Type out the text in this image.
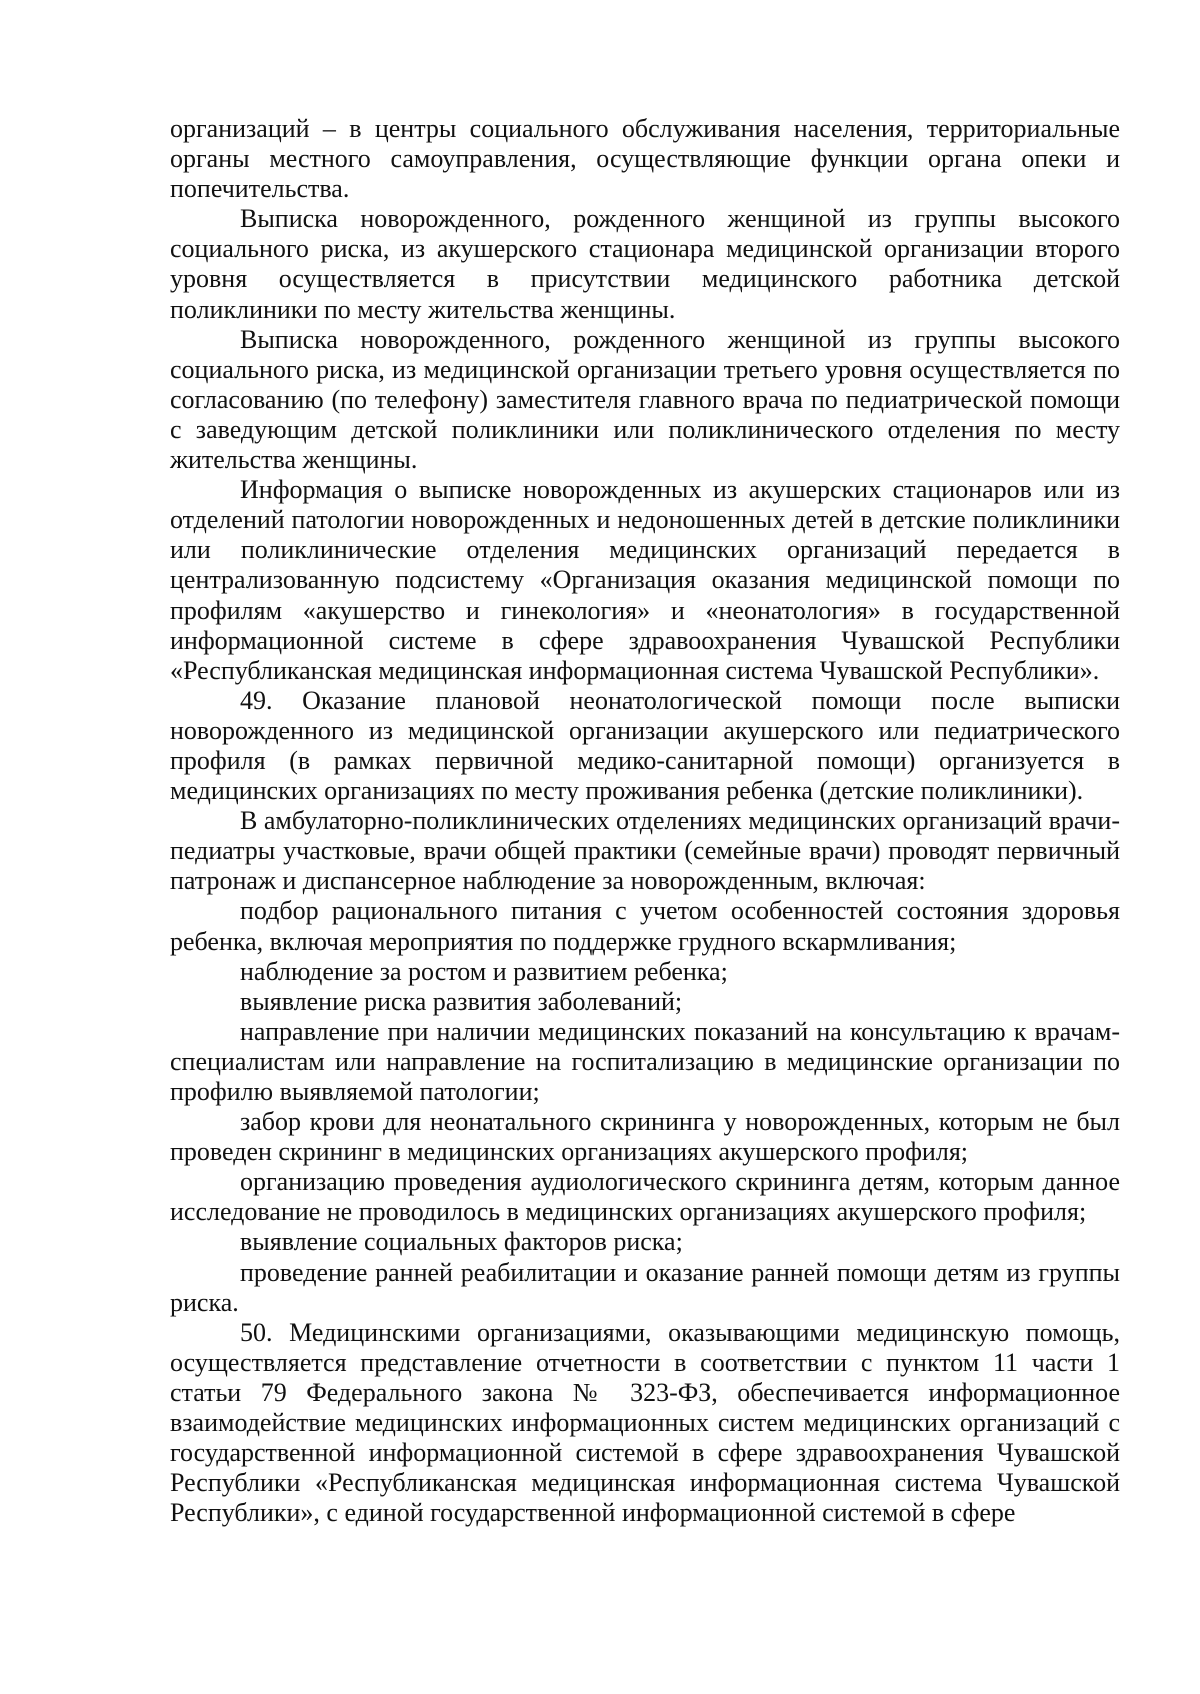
организаций – в центры социального обслуживания населения, территориальные органы местного самоуправления, осуществляющие функции органа опеки и попечительства.

Выписка новорожденного, рожденного женщиной из группы высокого социального риска, из акушерского стационара медицинской организации второго уровня осуществляется в присутствии медицинского работника детской поликлиники по месту жительства женщины.

Выписка новорожденного, рожденного женщиной из группы высокого социального риска, из медицинской организации третьего уровня осуществляется по согласованию (по телефону) заместителя главного врача по педиатрической помощи с заведующим детской поликлиники или поликлинического отделения по месту жительства женщины.

Информация о выписке новорожденных из акушерских стационаров или из отделений патологии новорожденных и недоношенных детей в детские поликлиники или поликлинические отделения медицинских организаций передается в централизованную подсистему «Организация оказания медицинской помощи по профилям «акушерство и гинекология» и «неонатология» в государственной информационной системе в сфере здравоохранения Чувашской Республики «Республиканская медицинская информационная система Чувашской Республики».

49. Оказание плановой неонатологической помощи после выписки новорожденного из медицинской организации акушерского или педиатрического профиля (в рамках первичной медико-санитарной помощи) организуется в медицинских организациях по месту проживания ребенка (детские поликлиники).

В амбулаторно-поликлинических отделениях медицинских организаций врачи-педиатры участковые, врачи общей практики (семейные врачи) проводят первичный патронаж и диспансерное наблюдение за новорожденным, включая:

подбор рационального питания с учетом особенностей состояния здоровья ребенка, включая мероприятия по поддержке грудного вскармливания;

наблюдение за ростом и развитием ребенка;

выявление риска развития заболеваний;

направление при наличии медицинских показаний на консультацию к врачам-специалистам или направление на госпитализацию в медицинские организации по профилю выявляемой патологии;

забор крови для неонатального скрининга у новорожденных, которым не был проведен скрининг в медицинских организациях акушерского профиля;

организацию проведения аудиологического скрининга детям, которым данное исследование не проводилось в медицинских организациях акушерского профиля;

выявление социальных факторов риска;

проведение ранней реабилитации и оказание ранней помощи детям из группы риска.

50. Медицинскими организациями, оказывающими медицинскую помощь, осуществляется представление отчетности в соответствии с пунктом 11 части 1 статьи 79 Федерального закона № 323-ФЗ, обеспечивается информационное взаимодействие медицинских информационных систем медицинских организаций с государственной информационной системой в сфере здравоохранения Чувашской Республики «Республиканская медицинская информационная система Чувашской Республики», с единой государственной информационной системой в сфере
